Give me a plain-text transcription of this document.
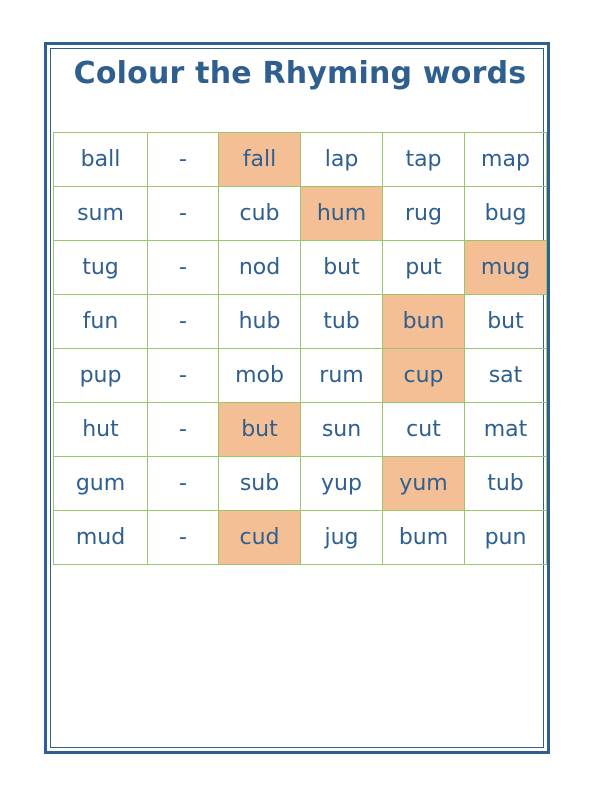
Colour the Rhyming words
ball	-	fall	lap	tap	map
sum	-	cub	hum	rug	bug
tug	-	nod	but	put	mug
fun	-	hub	tub	bun	but
pup	-	mob	rum	cup	sat
hut	-	but	sun	cut	mat
gum	-	sub	yup	yum	tub
mud	-	cud	jug	bum	pun
